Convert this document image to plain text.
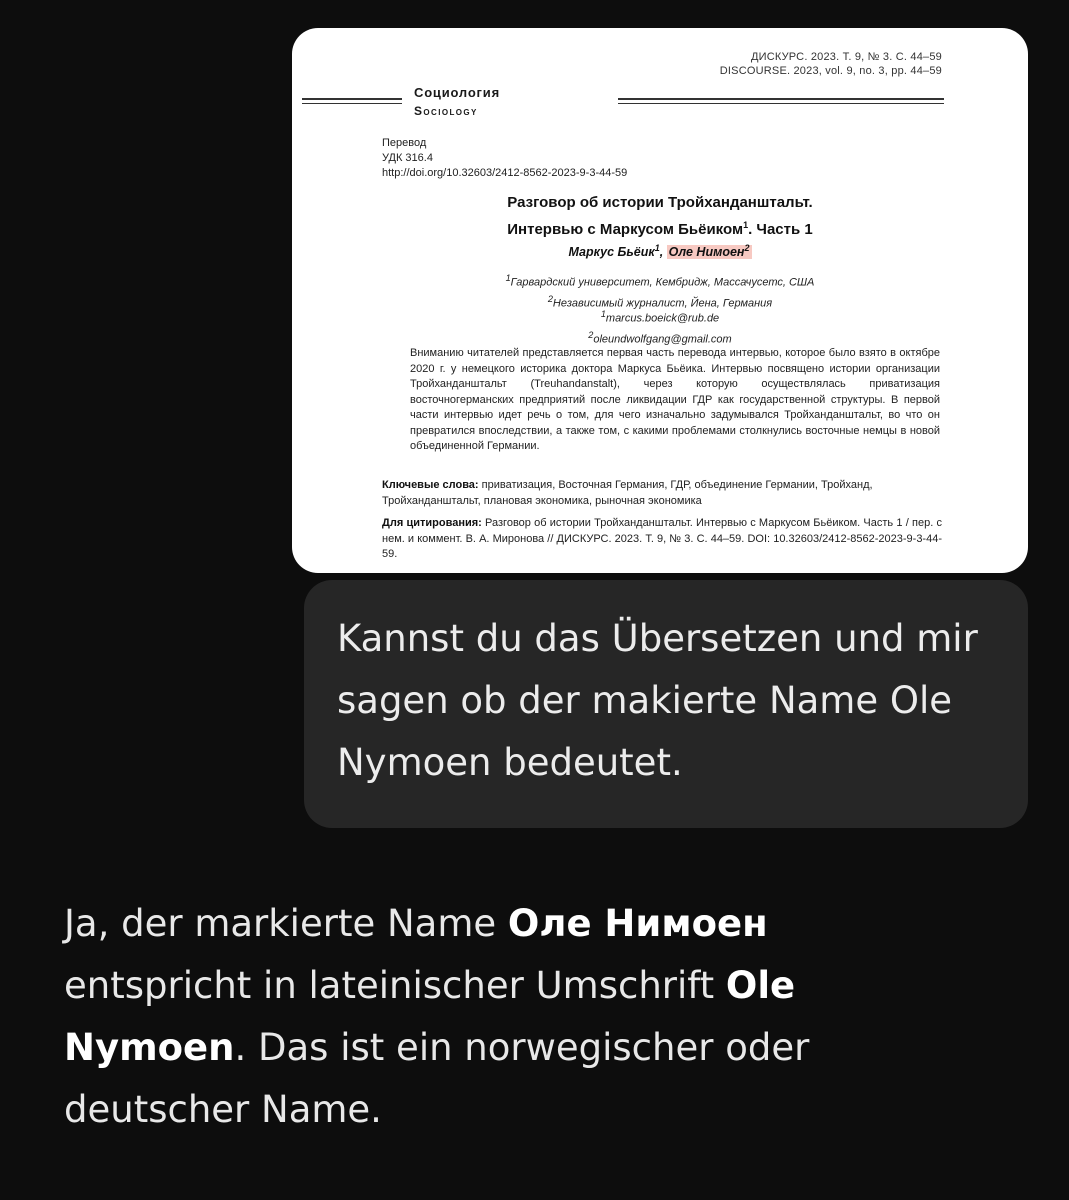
ДИСКУРС. 2023. Т. 9, № 3. С. 44–59
DISCOURSE. 2023, vol. 9, no. 3, pp. 44–59
Социология
Sociology
Перевод
УДК 316.4
http://doi.org/10.32603/2412-8562-2023-9-3-44-59
Разговор об истории Тройханданштальт.
Интервью с Маркусом Бьёиком$^1$. Часть 1
Маркус Бьёик$^1$, Оле Нимоен$^2$
$^1$Гарвардский университет, Кембридж, Массачусетс, США
$^2$Независимый журналист, Йена, Германия
$^1$marcus.boeick@rub.de
$^2$oleundwolfgang@gmail.com
Вниманию читателей представляется первая часть перевода интервью, которое было взято в октябре 2020 г. у немецкого историка доктора Маркуса Бьёика. Интервью посвящено истории организации Тройханданштальт (Treuhandanstalt), через которую осуществлялась приватизация восточногерманских предприятий после ликвидации ГДР как государственной структуры. В первой части интервью идет речь о том, для чего изначально задумывался Тройханданштальт, во что он превратился впоследствии, а также том, с какими проблемами столкнулись восточные немцы в новой объединенной Германии.
Ключевые слова: приватизация, Восточная Германия, ГДР, объединение Германии, Тройханд, Тройханданштальт, плановая экономика, рыночная экономика
Для цитирования: Разговор об истории Тройханданштальт. Интервью с Маркусом Бьёиком. Часть 1 / пер. с нем. и коммент. В. А. Миронова // ДИСКУРС. 2023. Т. 9, № 3. С. 44–59. DOI: 10.32603/2412-8562-2023-9-3-44-59.
Kannst du das Übersetzen und mir sagen ob der makierte Name Ole Nymoen bedeutet.
Ja, der markierte Name Оле Нимоен entspricht in lateinischer Umschrift Ole Nymoen. Das ist ein norwegischer oder deutscher Name.
